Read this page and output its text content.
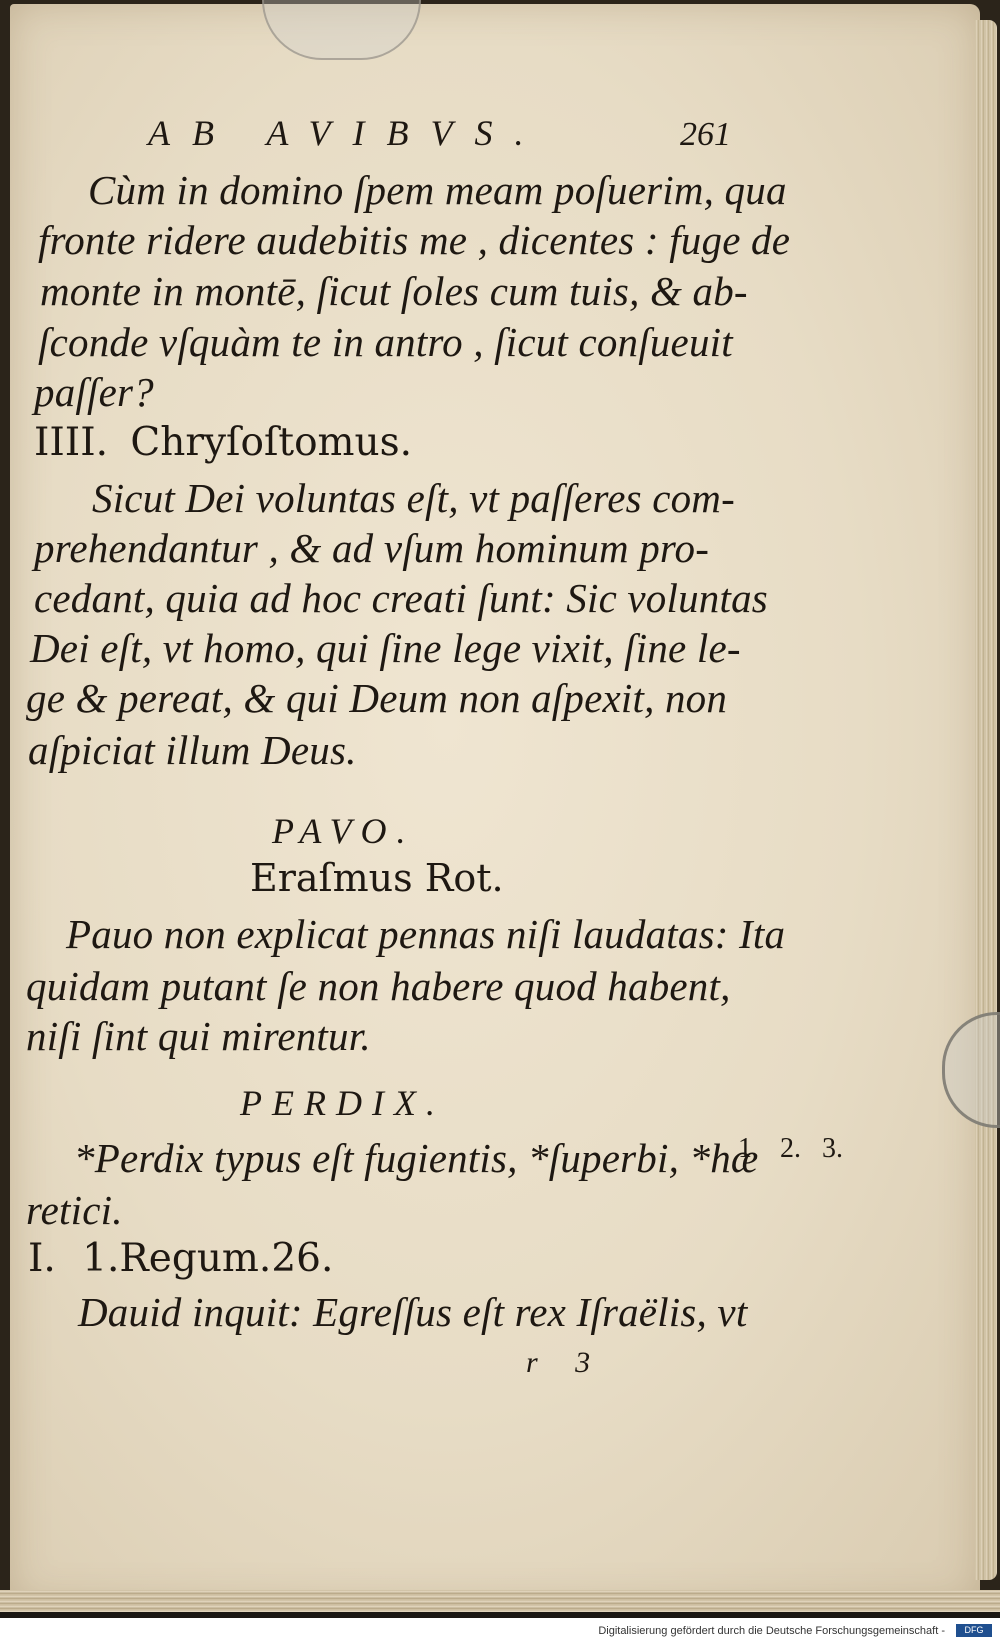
AB AVIBVS.	261
Cùm in domino ſpem meam poſuerim, qua
fronte ridere audebitis me , dicentes : fuge de
monte in montē, ſicut ſoles cum tuis, & ab-
ſconde vſquàm te in antro , ſicut conſueuit
paſſer?
IIII. Chryſoſtomus.
Sicut Dei voluntas eſt, vt paſſeres com-
prehendantur , & ad vſum hominum pro-
cedant, quia ad hoc creati ſunt: Sic voluntas
Dei eſt, vt homo, qui ſine lege vixit, ſine le-
ge & pereat, & qui Deum non aſpexit, non
aſpiciat illum Deus.
PAVO.
Eraſmus Rot.
Pauo non explicat pennas niſi laudatas: Ita
quidam putant ſe non habere quod habent,
niſi ſint qui mirentur.
PERDIX.
*Perdix typus eſt fugientis, *ſuperbi, *hæ
retici.
1. 2. 3.
I. 1.Regum.26.
Dauid inquit: Egreſſus eſt rex Iſraëlis, vt
r 3
Digitalisierung gefördert durch die Deutsche Forschungsgemeinschaft -	DFG
